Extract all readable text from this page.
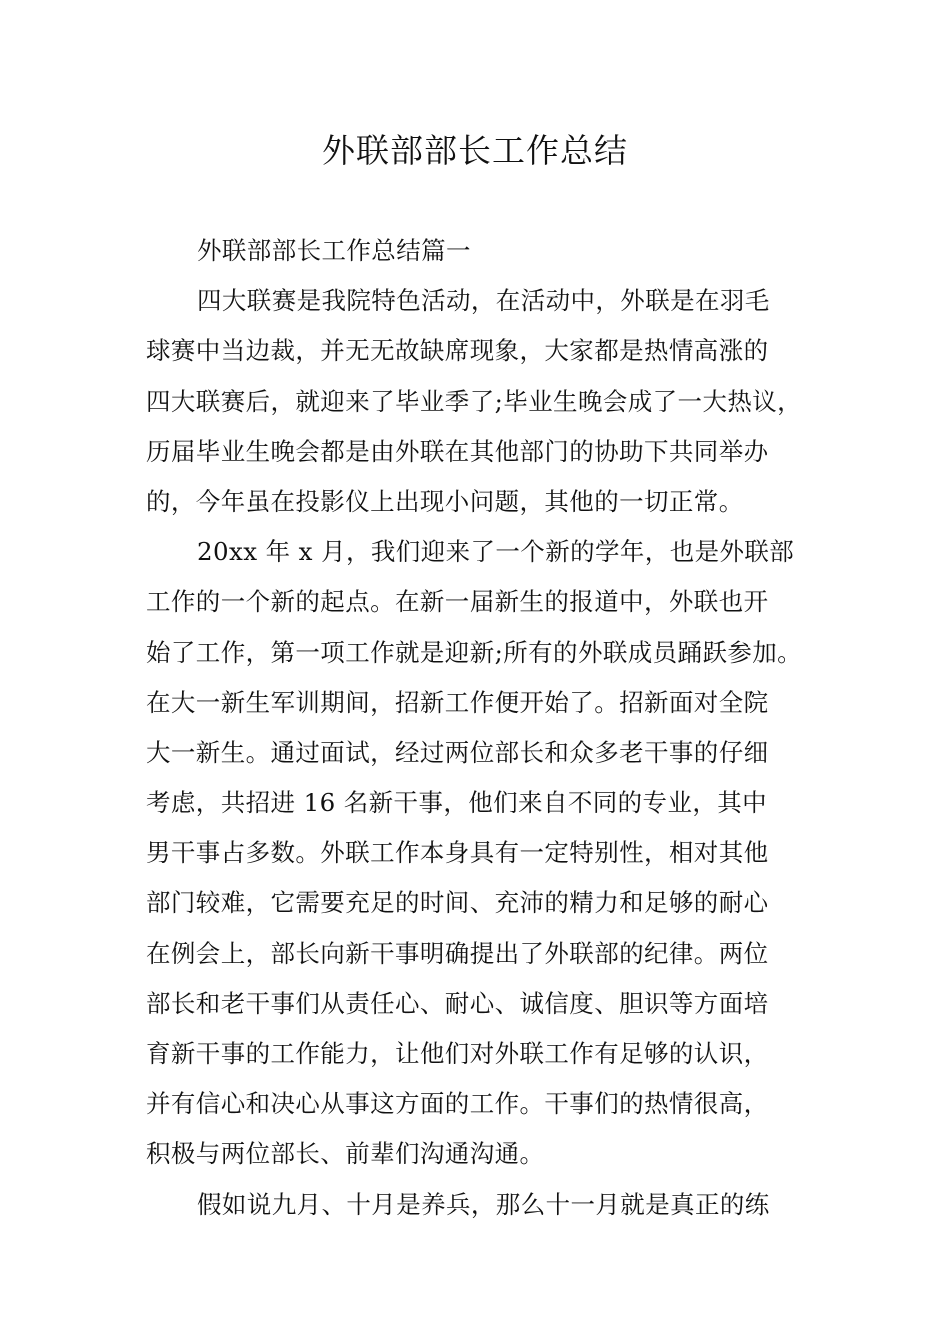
外联部部长工作总结
外联部部长工作总结篇一
四大联赛是我院特色活动，在活动中，外联是在羽毛
球赛中当边裁，并无无故缺席现象，大家都是热情高涨的
四大联赛后，就迎来了毕业季了;毕业生晚会成了一大热议，
历届毕业生晚会都是由外联在其他部门的协助下共同举办
的，今年虽在投影仪上出现小问题，其他的一切正常。
20xx 年 x 月，我们迎来了一个新的学年，也是外联部
工作的一个新的起点。在新一届新生的报道中，外联也开
始了工作，第一项工作就是迎新;所有的外联成员踊跃参加。
在大一新生军训期间，招新工作便开始了。招新面对全院
大一新生。通过面试，经过两位部长和众多老干事的仔细
考虑，共招进 16 名新干事，他们来自不同的专业，其中
男干事占多数。外联工作本身具有一定特别性，相对其他
部门较难，它需要充足的时间、充沛的精力和足够的耐心
在例会上，部长向新干事明确提出了外联部的纪律。两位
部长和老干事们从责任心、耐心、诚信度、胆识等方面培
育新干事的工作能力，让他们对外联工作有足够的认识，
并有信心和决心从事这方面的工作。干事们的热情很高，
积极与两位部长、前辈们沟通沟通。
假如说九月、十月是养兵，那么十一月就是真正的练
